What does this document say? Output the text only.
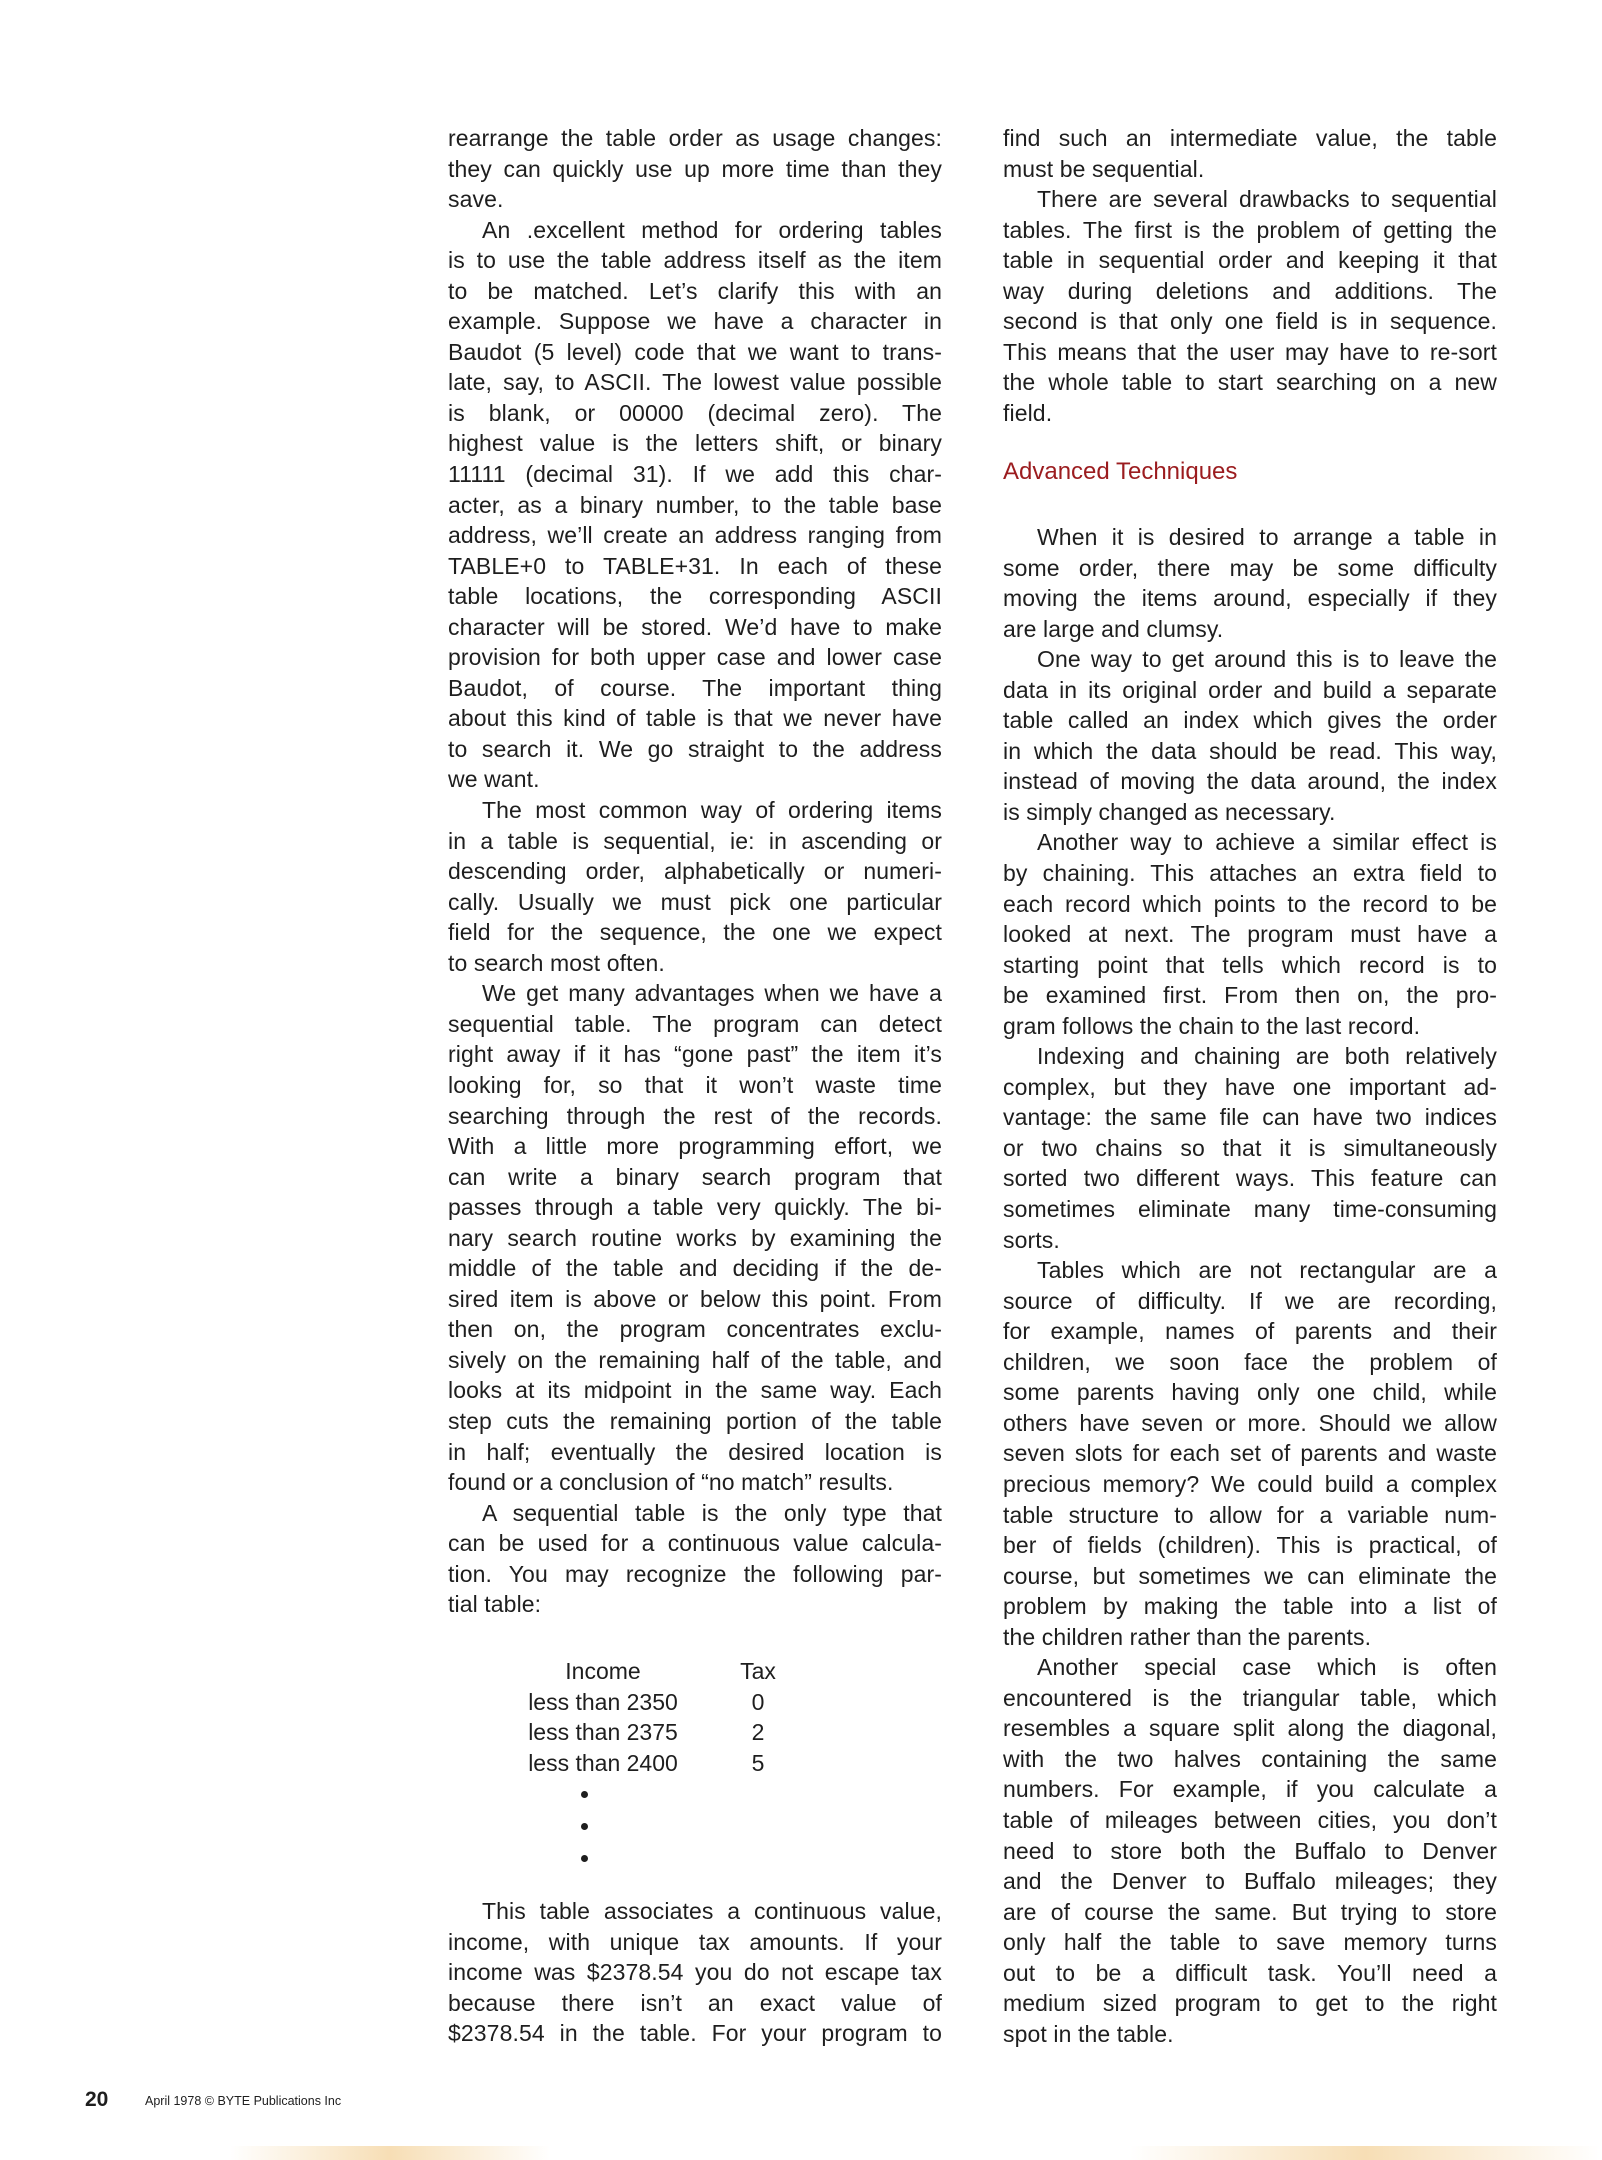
rearrange the table order as usage changes:
they can quickly use up more time than they
save.
An .excellent method for ordering tables
is to use the table address itself as the item
to be matched. Let’s clarify this with an
example. Suppose we have a character in
Baudot (5 level) code that we want to trans-
late, say, to ASCII. The lowest value possible
is blank, or 00000 (decimal zero). The
highest value is the letters shift, or binary
11111 (decimal 31). If we add this char-
acter, as a binary number, to the table base
address, we’ll create an address ranging from
TABLE+0 to TABLE+31. In each of these
table locations, the corresponding ASCII
character will be stored. We’d have to make
provision for both upper case and lower case
Baudot, of course. The important thing
about this kind of table is that we never have
to search it. We go straight to the address
we want.
The most common way of ordering items
in a table is sequential, ie: in ascending or
descending order, alphabetically or numeri-
cally. Usually we must pick one particular
field for the sequence, the one we expect
to search most often.
We get many advantages when we have a
sequential table. The program can detect
right away if it has “gone past” the item it’s
looking for, so that it won’t waste time
searching through the rest of the records.
With a little more programming effort, we
can write a binary search program that
passes through a table very quickly. The bi-
nary search routine works by examining the
middle of the table and deciding if the de-
sired item is above or below this point. From
then on, the program concentrates exclu-
sively on the remaining half of the table, and
looks at its midpoint in the same way. Each
step cuts the remaining portion of the table
in half; eventually the desired location is
found or a conclusion of “no match” results.
A sequential table is the only type that
can be used for a continuous value calcula-
tion. You may recognize the following par-
tial table:
Income	Tax
less than 2350	0
less than 2375	2
less than 2400	5
This table associates a continuous value,
income, with unique tax amounts. If your
income was $2378.54 you do not escape tax
because there isn’t an exact value of
$2378.54 in the table. For your program to
find such an intermediate value, the table
must be sequential.
There are several drawbacks to sequential
tables. The first is the problem of getting the
table in sequential order and keeping it that
way during deletions and additions. The
second is that only one field is in sequence.
This means that the user may have to re-sort
the whole table to start searching on a new
field.
Advanced Techniques
When it is desired to arrange a table in
some order, there may be some difficulty
moving the items around, especially if they
are large and clumsy.
One way to get around this is to leave the
data in its original order and build a separate
table called an index which gives the order
in which the data should be read. This way,
instead of moving the data around, the index
is simply changed as necessary.
Another way to achieve a similar effect is
by chaining. This attaches an extra field to
each record which points to the record to be
looked at next. The program must have a
starting point that tells which record is to
be examined first. From then on, the pro-
gram follows the chain to the last record.
Indexing and chaining are both relatively
complex, but they have one important ad-
vantage: the same file can have two indices
or two chains so that it is simultaneously
sorted two different ways. This feature can
sometimes eliminate many time-consuming
sorts.
Tables which are not rectangular are a
source of difficulty. If we are recording,
for example, names of parents and their
children, we soon face the problem of
some parents having only one child, while
others have seven or more. Should we allow
seven slots for each set of parents and waste
precious memory? We could build a complex
table structure to allow for a variable num-
ber of fields (children). This is practical, of
course, but sometimes we can eliminate the
problem by making the table into a list of
the children rather than the parents.
Another special case which is often
encountered is the triangular table, which
resembles a square split along the diagonal,
with the two halves containing the same
numbers. For example, if you calculate a
table of mileages between cities, you don’t
need to store both the Buffalo to Denver
and the Denver to Buffalo mileages; they
are of course the same. But trying to store
only half the table to save memory turns
out to be a difficult task. You’ll need a
medium sized program to get to the right
spot in the table.
20	April 1978 © BYTE Publications Inc
